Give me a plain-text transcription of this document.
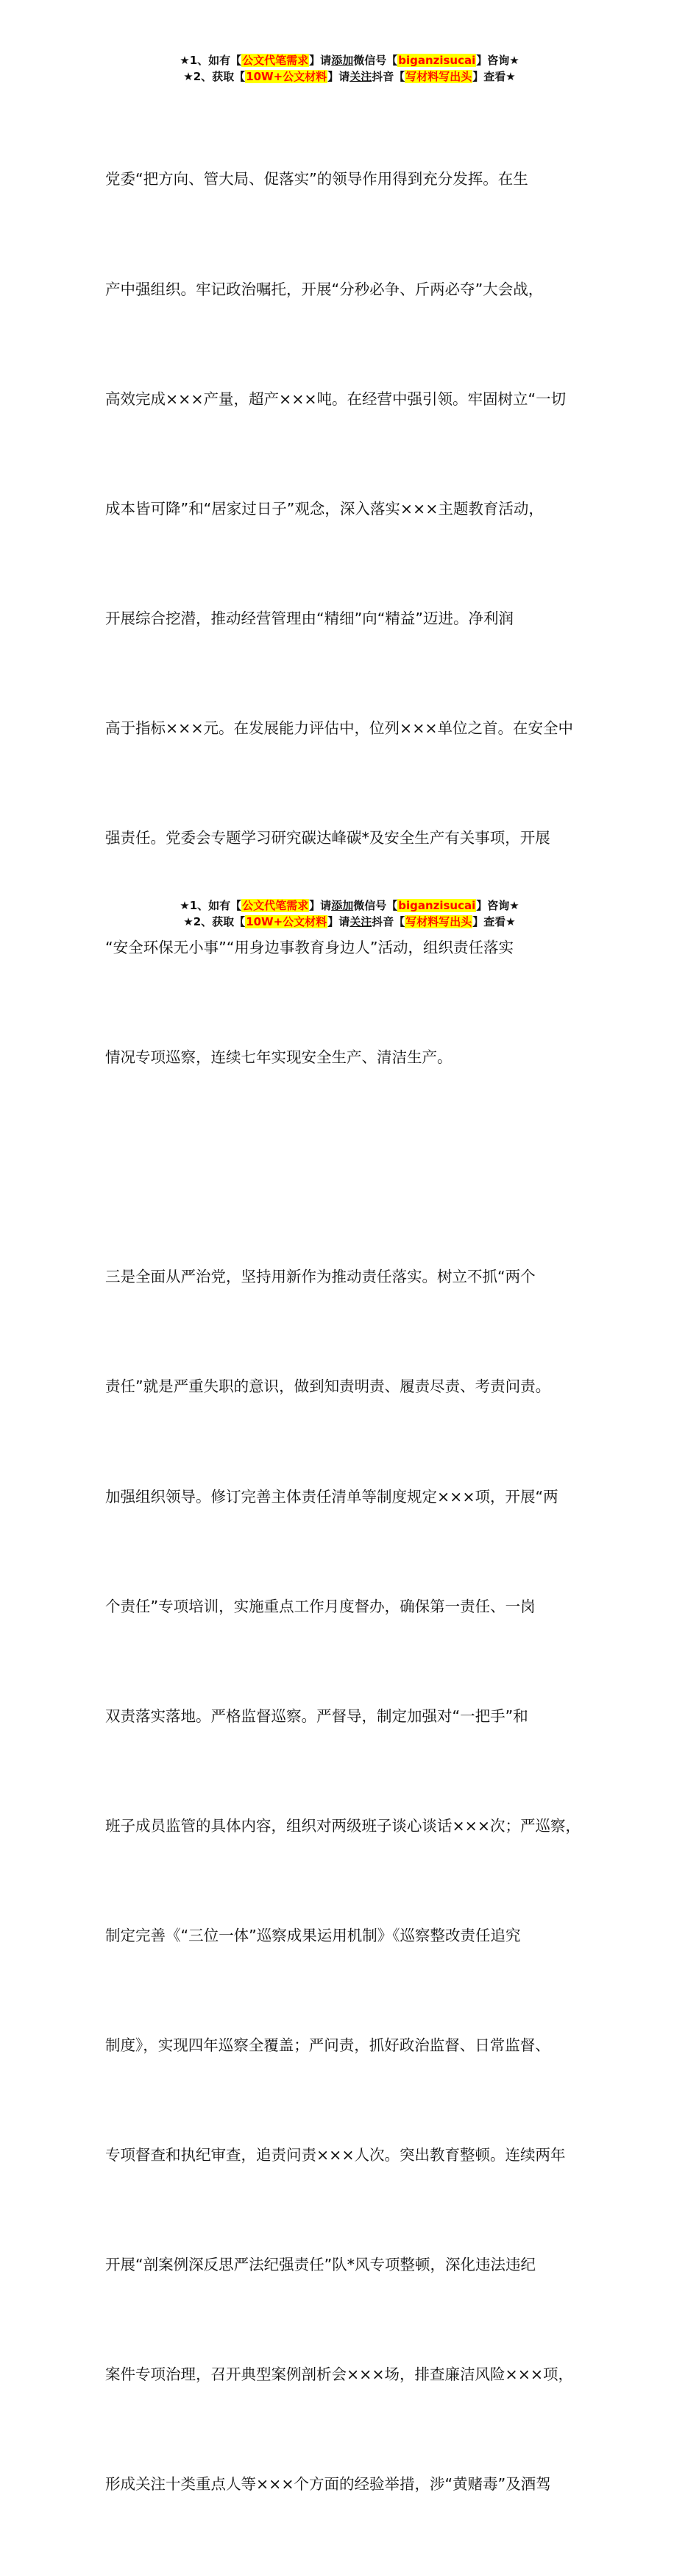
★1、如有【公文代笔需求】请添加微信号【biganzisucai】咨询★
★2、获取【10W+公文材料】请关注抖音【写材料写出头】查看★

党委“把方向、管大局、促落实”的领导作用得到充分发挥。在生

产中强组织。牢记政治嘱托，开展“分秒必争、斤两必夺”大会战，

高效完成×××产量，超产×××吨。在经营中强引领。牢固树立“一切

成本皆可降”和“居家过日子”观念，深入落实×××主题教育活动，

开展综合挖潜，推动经营管理由“精细”向“精益”迈进。净利润

高于指标×××元。在发展能力评估中，位列×××单位之首。在安全中

强责任。党委会专题学习研究碳达峰碳*及安全生产有关事项，开展

“安全环保无小事”“用身边事教育身边人”活动，组织责任落实

情况专项巡察，连续七年实现安全生产、清洁生产。

三是全面从严治党，坚持用新作为推动责任落实。树立不抓“两个

责任”就是严重失职的意识，做到知责明责、履责尽责、考责问责。

加强组织领导。修订完善主体责任清单等制度规定×××项，开展“两

个责任”专项培训，实施重点工作月度督办，确保第一责任、一岗

双责落实落地。严格监督巡察。严督导，制定加强对“一把手”和

班子成员监管的具体内容，组织对两级班子谈心谈话×××次；严巡察，

制定完善《“三位一体”巡察成果运用机制》《巡察整改责任追究

制度》，实现四年巡察全覆盖；严问责，抓好政治监督、日常监督、

专项督查和执纪审查，追责问责×××人次。突出教育整顿。连续两年

开展“剖案例深反思严法纪强责任”队*风专项整顿，深化违法违纪

案件专项治理，召开典型案例剖析会×××场，排查廉洁风险×××项，

形成关注十类重点人等×××个方面的经验举措，涉“黄赌毒”及酒驾

★1、如有【公文代笔需求】请添加微信号【biganzisucai】咨询★
★2、获取【10W+公文材料】请关注抖音【写材料写出头】查看★
